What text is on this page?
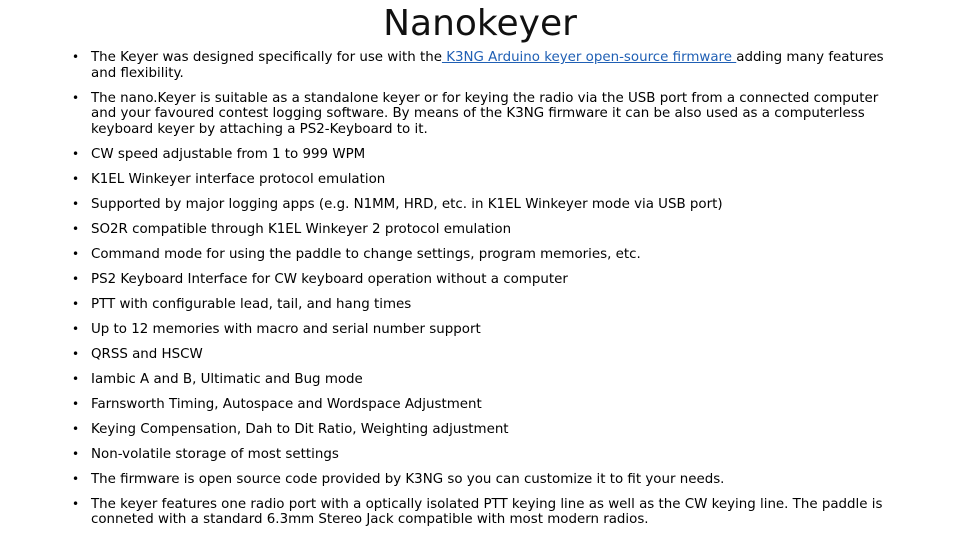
Nanokeyer
• The Keyer was designed specifically for use with the K3NG Arduino keyer open-source firmware adding many features and flexibility.
• The nano.Keyer is suitable as a standalone keyer or for keying the radio via the USB port from a connected computer and your favoured contest logging software. By means of the K3NG firmware it can be also used as a computerless keyboard keyer by attaching a PS2-Keyboard to it.
• CW speed adjustable from 1 to 999 WPM
• K1EL Winkeyer interface protocol emulation
• Supported by major logging apps (e.g. N1MM, HRD, etc. in K1EL Winkeyer mode via USB port)
• SO2R compatible through K1EL Winkeyer 2 protocol emulation
• Command mode for using the paddle to change settings, program memories, etc.
• PS2 Keyboard Interface for CW keyboard operation without a computer
• PTT with configurable lead, tail, and hang times
• Up to 12 memories with macro and serial number support
• QRSS and HSCW
• Iambic A and B, Ultimatic and Bug mode
• Farnsworth Timing, Autospace and Wordspace Adjustment
• Keying Compensation, Dah to Dit Ratio, Weighting adjustment
• Non-volatile storage of most settings
• The firmware is open source code provided by K3NG so you can customize it to fit your needs.
• The keyer features one radio port with a optically isolated PTT keying line as well as the CW keying line. The paddle is conneted with a standard 6.3mm Stereo Jack compatible with most modern radios.
